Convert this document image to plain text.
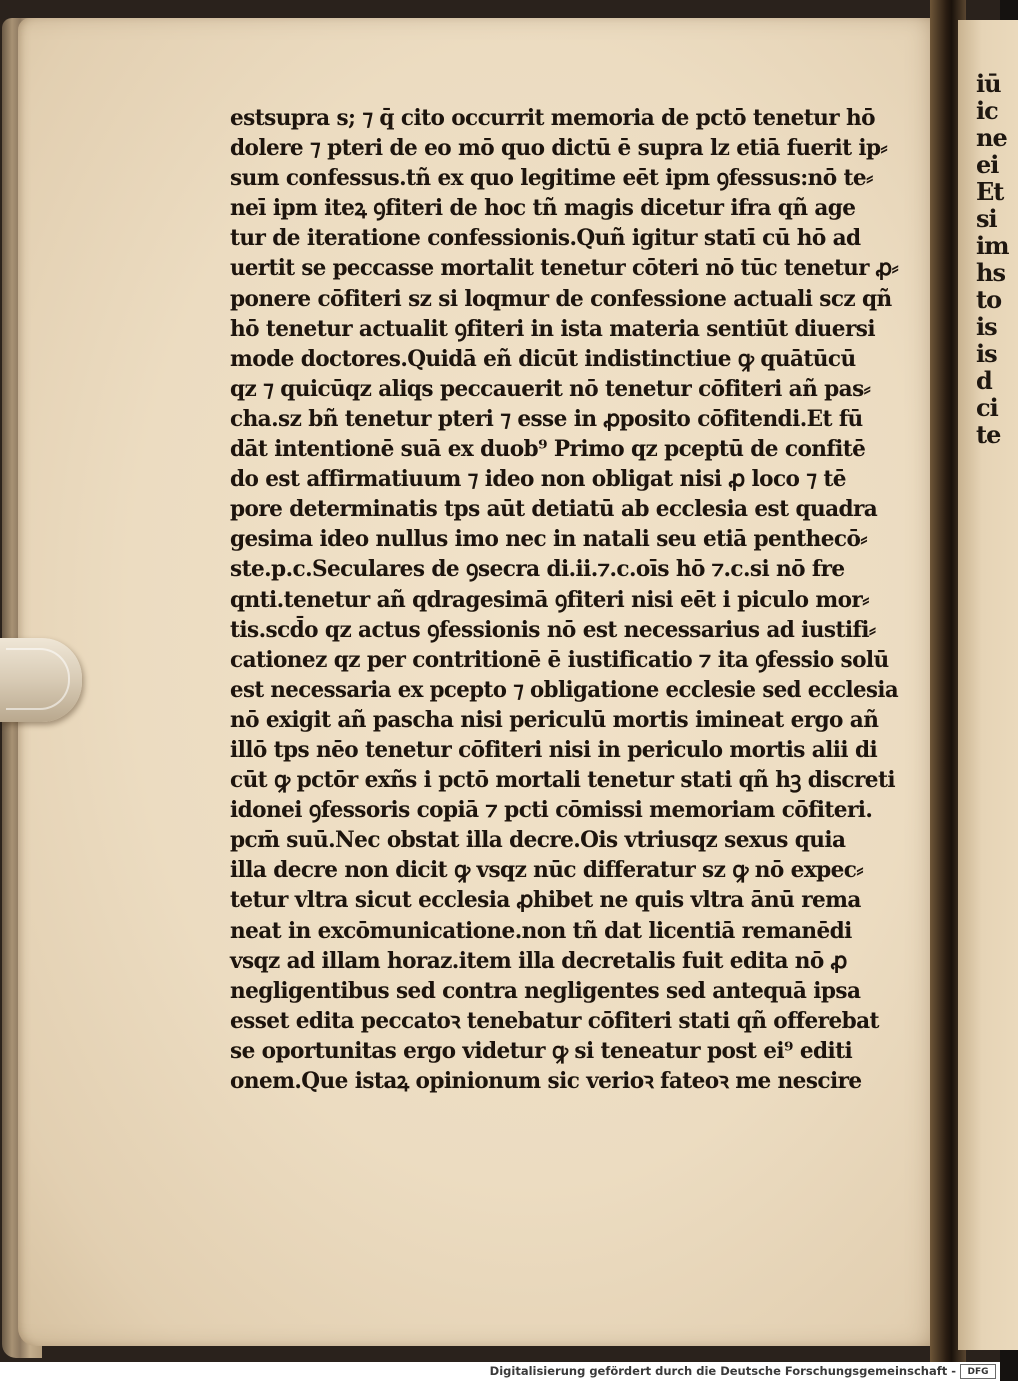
iū
ic
ne
ei
Et
si
im
hs
to
is
is
d
ci
te
estsupra s; ⁊ q̄ cito occurrit memoria de pctō tenetur hō
dolere ⁊ pteri de eo mō quo dictū ē supra lz etiā fuerit ip⸗
sum confessus.tñ ex quo legitime eēt ipm ꝯfessus:nō te⸗
neī ipm iteꝝ ꝯfiteri de hoc tñ magis dicetur ifra qñ age
tur de iteratione confessionis.Quñ igitur statī cū hō ad
uertit se peccasse mortalit tenetur cōteri nō tūc tenetur ꝓ⸗
ponere cōfiteri sz si loqmur de confessione actuali scz qñ
hō tenetur actualit ꝯfiteri in ista materia sentiūt diuersi
mode doctores.Quidā eñ dicūt indistinctiue ꝙ quātūcū
qz ⁊ quicūqz aliqs peccauerit nō tenetur cōfiteri añ pas⸗
cha.sz bñ tenetur pteri ⁊ esse in ꝓposito cōfitendi.Et fū
dāt intentionē suā ex duob⁹ Primo qz pceptū de confitē
do est affirmatiuum ⁊ ideo non obligat nisi ꝓ loco ⁊ tē
pore determinatis tps aūt detiatū ab ecclesia est quadra
gesima ideo nullus imo nec in natali seu etiā penthecō⸗
ste.p.c.Seculares de ꝯsecra di.ii.⁊.c.oīs hō ⁊.c.si nō fre
qnti.tenetur añ qdragesimā ꝯfiteri nisi eēt i piculo mor⸗
tis.scd̄o qz actus ꝯfessionis nō est necessarius ad iustifi⸗
cationez qz per contritionē ē iustificatio ⁊ ita ꝯfessio solū
est necessaria ex pcepto ⁊ obligatione ecclesie sed ecclesia
nō exigit añ pascha nisi periculū mortis imineat ergo añ
illō tps nēo tenetur cōfiteri nisi in periculo mortis alii di
cūt ꝙ pctōr exñs i pctō mortali tenetur stati qñ hꝫ discreti
idonei ꝯfessoris copiā ⁊ pcti cōmissi memoriam cōfiteri.
pcm̄ suū.Nec obstat illa decre.Ois vtriusqz sexus quia
illa decre non dicit ꝙ vsqz nūc differatur sz ꝙ nō expec⸗
tetur vltra sicut ecclesia ꝓhibet ne quis vltra ānū rema
neat in excōmunicatione.non tñ dat licentiā remanēdi
vsqz ad illam horaz.item illa decretalis fuit edita nō ꝓ
negligentibus sed contra negligentes sed antequā ipsa
esset edita peccatoꝛ tenebatur cōfiteri stati qñ offerebat
se oportunitas ergo videtur ꝙ si teneatur post ei⁹ editi
onem.Que istaꝝ opinionum sic verioꝛ fateoꝛ me nescire
Digitalisierung gefördert durch die Deutsche Forschungsgemeinschaft -	DFG
